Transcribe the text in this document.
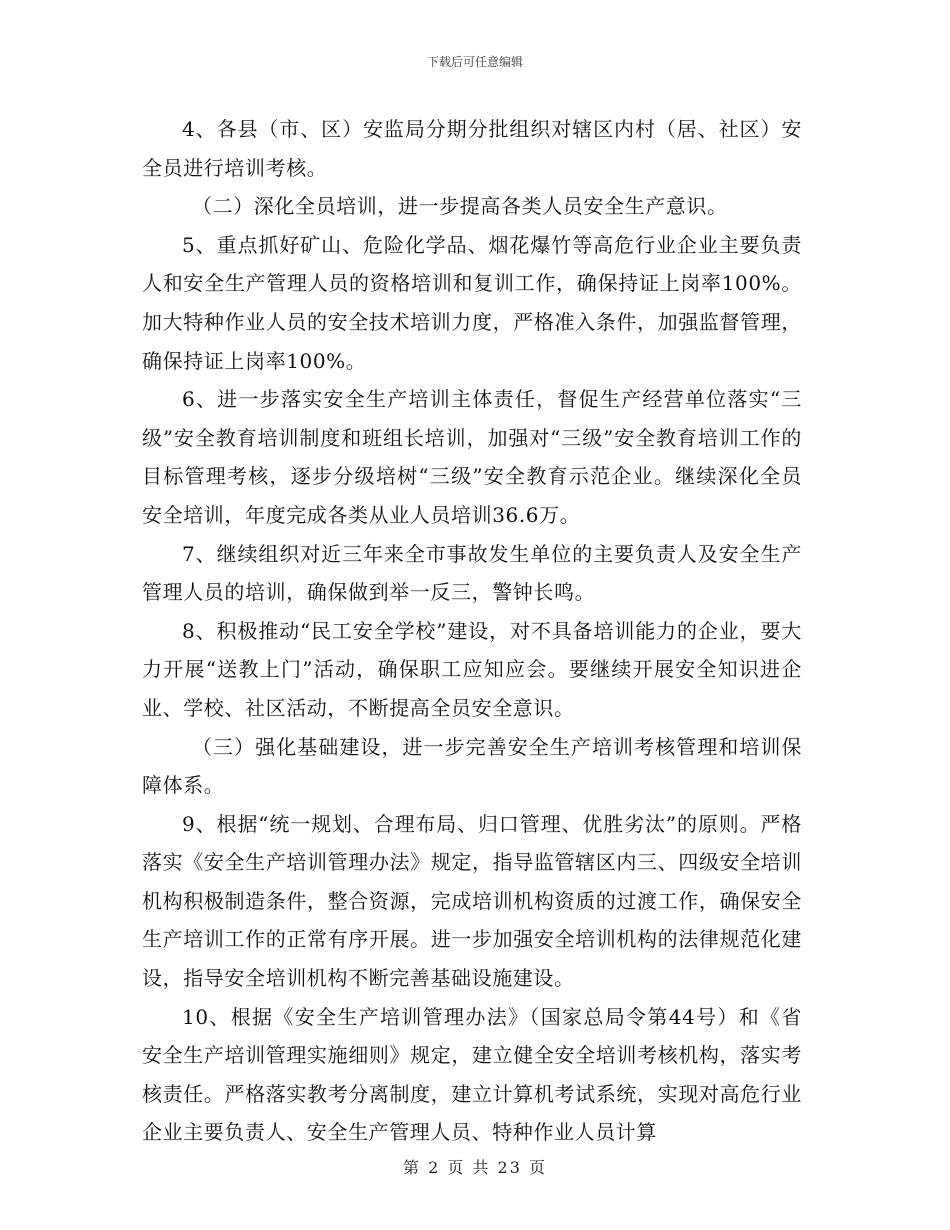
下载后可任意编辑

4、各县（市、区）安监局分期分批组织对辖区内村（居、社区）安全员进行培训考核。

（二）深化全员培训，进一步提高各类人员安全生产意识。

5、重点抓好矿山、危险化学品、烟花爆竹等高危行业企业主要负责人和安全生产管理人员的资格培训和复训工作，确保持证上岗率100%。加大特种作业人员的安全技术培训力度，严格准入条件，加强监督管理，确保持证上岗率100%。

6、进一步落实安全生产培训主体责任，督促生产经营单位落实“三级”安全教育培训制度和班组长培训，加强对“三级”安全教育培训工作的目标管理考核，逐步分级培树“三级”安全教育示范企业。继续深化全员安全培训，年度完成各类从业人员培训36.6万。

7、继续组织对近三年来全市事故发生单位的主要负责人及安全生产管理人员的培训，确保做到举一反三，警钟长鸣。

8、积极推动“民工安全学校”建设，对不具备培训能力的企业，要大力开展“送教上门”活动，确保职工应知应会。要继续开展安全知识进企业、学校、社区活动，不断提高全员安全意识。

（三）强化基础建设，进一步完善安全生产培训考核管理和培训保障体系。

9、根据“统一规划、合理布局、归口管理、优胜劣汰”的原则。严格落实《安全生产培训管理办法》规定，指导监管辖区内三、四级安全培训机构积极制造条件，整合资源，完成培训机构资质的过渡工作，确保安全生产培训工作的正常有序开展。进一步加强安全培训机构的法律规范化建设，指导安全培训机构不断完善基础设施建设。

10、根据《安全生产培训管理办法》（国家总局令第44号）和《省安全生产培训管理实施细则》规定，建立健全安全培训考核机构，落实考核责任。严格落实教考分离制度，建立计算机考试系统，实现对高危行业企业主要负责人、安全生产管理人员、特种作业人员计算

第 2 页 共 23 页
